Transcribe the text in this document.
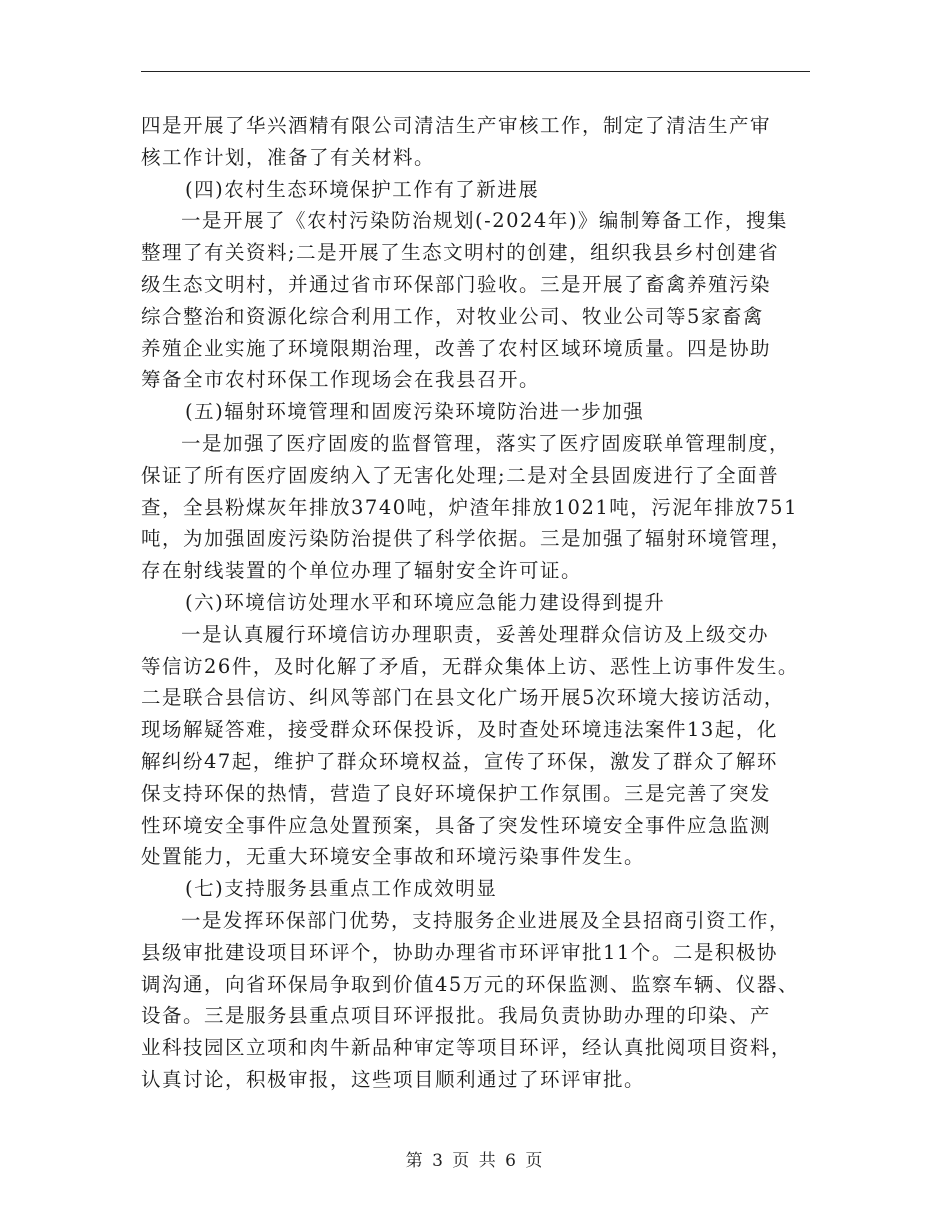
四是开展了华兴酒精有限公司清洁生产审核工作，制定了清洁生产审
核工作计划，准备了有关材料。
(四)农村生态环境保护工作有了新进展
一是开展了《农村污染防治规划(-2024年)》编制筹备工作，搜集
整理了有关资料;二是开展了生态文明村的创建，组织我县乡村创建省
级生态文明村，并通过省市环保部门验收。三是开展了畜禽养殖污染
综合整治和资源化综合利用工作，对牧业公司、牧业公司等5家畜禽
养殖企业实施了环境限期治理，改善了农村区域环境质量。四是协助
筹备全市农村环保工作现场会在我县召开。
(五)辐射环境管理和固废污染环境防治进一步加强
一是加强了医疗固废的监督管理，落实了医疗固废联单管理制度，
保证了所有医疗固废纳入了无害化处理;二是对全县固废进行了全面普
查，全县粉煤灰年排放3740吨，炉渣年排放1021吨，污泥年排放751
吨，为加强固废污染防治提供了科学依据。三是加强了辐射环境管理，
存在射线装置的个单位办理了辐射安全许可证。
(六)环境信访处理水平和环境应急能力建设得到提升
一是认真履行环境信访办理职责，妥善处理群众信访及上级交办
等信访26件，及时化解了矛盾，无群众集体上访、恶性上访事件发生。
二是联合县信访、纠风等部门在县文化广场开展5次环境大接访活动，
现场解疑答难，接受群众环保投诉，及时查处环境违法案件13起，化
解纠纷47起，维护了群众环境权益，宣传了环保，激发了群众了解环
保支持环保的热情，营造了良好环境保护工作氛围。三是完善了突发
性环境安全事件应急处置预案，具备了突发性环境安全事件应急监测
处置能力，无重大环境安全事故和环境污染事件发生。
(七)支持服务县重点工作成效明显
一是发挥环保部门优势，支持服务企业进展及全县招商引资工作，
县级审批建设项目环评个，协助办理省市环评审批11个。二是积极协
调沟通，向省环保局争取到价值45万元的环保监测、监察车辆、仪器、
设备。三是服务县重点项目环评报批。我局负责协助办理的印染、产
业科技园区立项和肉牛新品种审定等项目环评，经认真批阅项目资料，
认真讨论，积极审报，这些项目顺利通过了环评审批。
第 3 页 共 6 页
